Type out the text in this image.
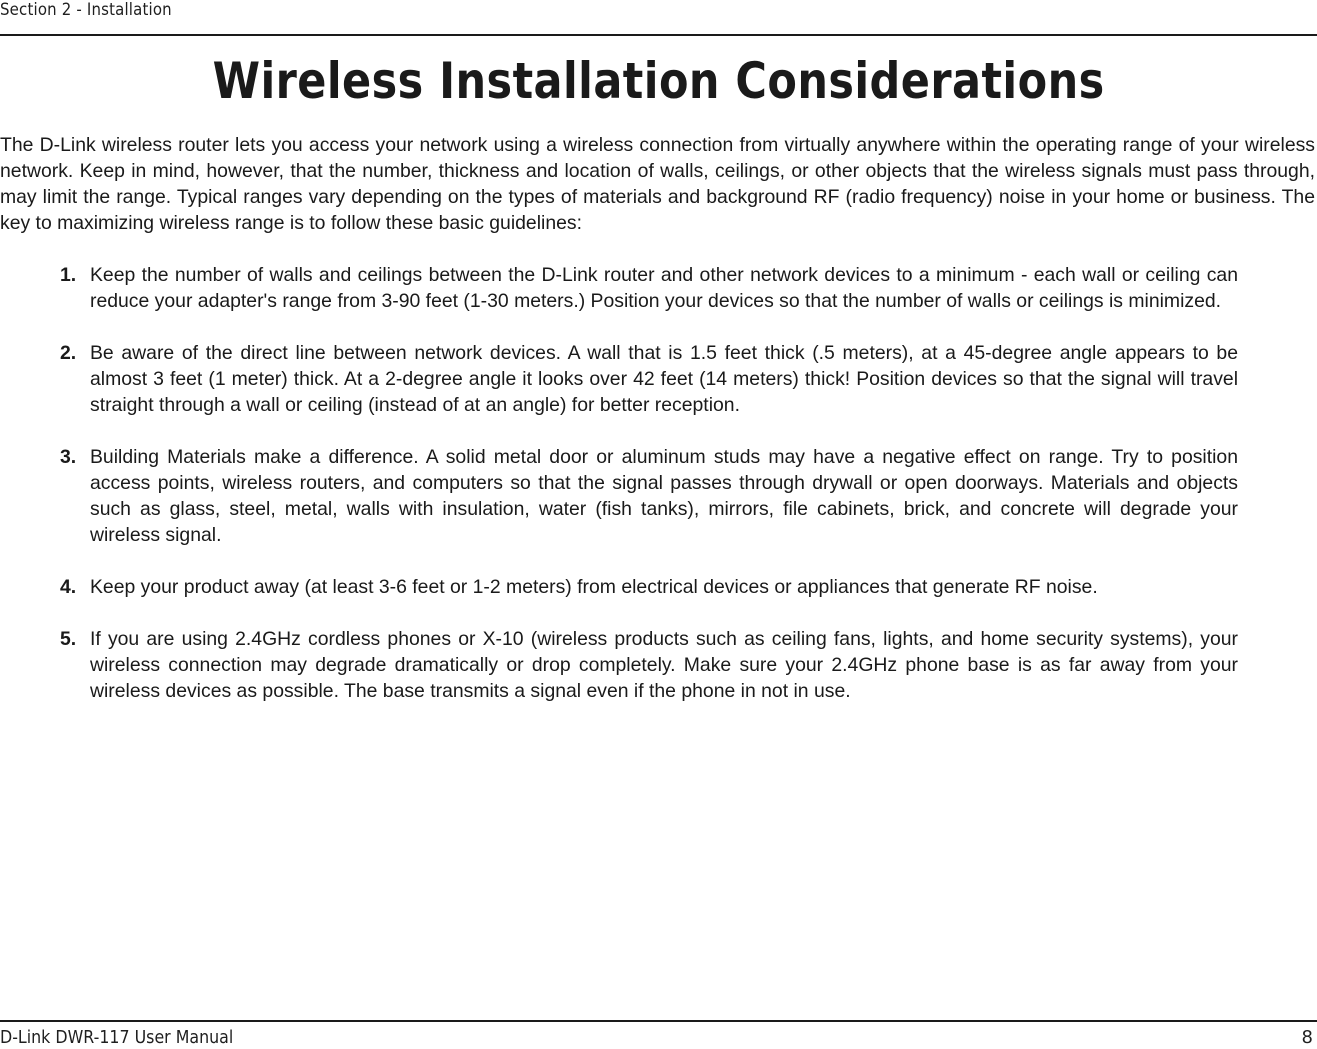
Section 2 - Installation
Wireless Installation Considerations

The D-Link wireless router lets you access your network using a wireless connection from virtually anywhere within the operating range of your wireless network. Keep in mind, however, that the number, thickness and location of walls, ceilings, or other objects that the wireless signals must pass through, may limit the range. Typical ranges vary depending on the types of materials and background RF (radio frequency) noise in your home or business. The key to maximizing wireless range is to follow these basic guidelines:

1. Keep the number of walls and ceilings between the D-Link router and other network devices to a minimum - each wall or ceiling can reduce your adapter's range from 3-90 feet (1-30 meters.) Position your devices so that the number of walls or ceilings is minimized.
2. Be aware of the direct line between network devices. A wall that is 1.5 feet thick (.5 meters), at a 45-degree angle appears to be almost 3 feet (1 meter) thick. At a 2-degree angle it looks over 42 feet (14 meters) thick! Position devices so that the signal will travel straight through a wall or ceiling (instead of at an angle) for better reception.
3. Building Materials make a difference. A solid metal door or aluminum studs may have a negative effect on range. Try to position access points, wireless routers, and computers so that the signal passes through drywall or open doorways. Materials and objects such as glass, steel, metal, walls with insulation, water (fish tanks), mirrors, file cabinets, brick, and concrete will degrade your wireless signal.
4. Keep your product away (at least 3-6 feet or 1-2 meters) from electrical devices or appliances that generate RF noise.
5. If you are using 2.4GHz cordless phones or X-10 (wireless products such as ceiling fans, lights, and home security systems), your wireless connection may degrade dramatically or drop completely. Make sure your 2.4GHz phone base is as far away from your wireless devices as possible. The base transmits a signal even if the phone in not in use.
D-Link DWR-117 User Manual	8
